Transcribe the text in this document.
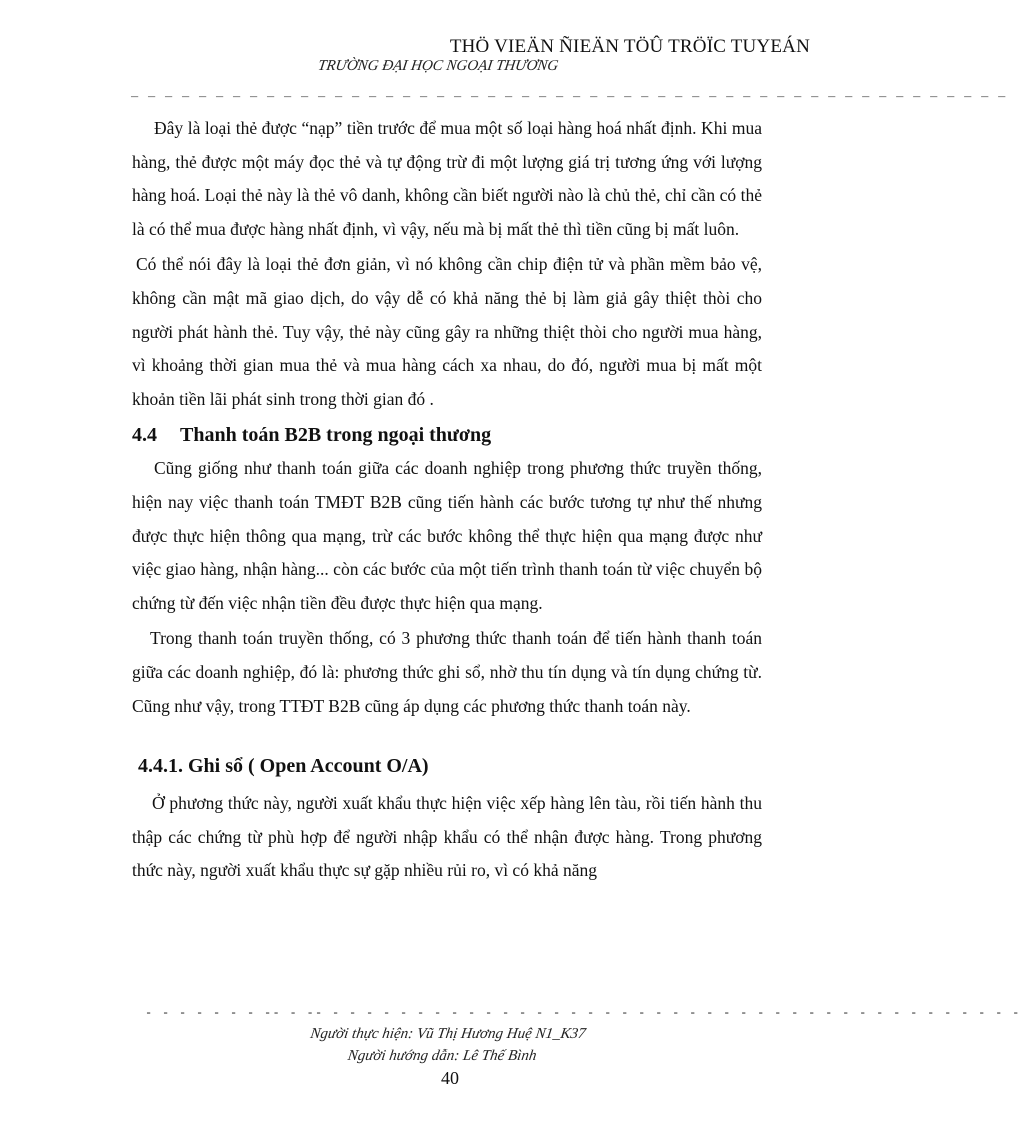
THÖ VIEÄN ÑIEÄN TÖÛ TRÖÏC TUYEÁN
TRƯỜNG ĐẠI HỌC NGOẠI THƯƠNG
_ _ _ _ _ _ _ _ _ _ _ _ _ _ _ _ _ _ _ _ _ _ _ _ _ _ _ _ _ _ _ _ _ _ _ _ _ _ _ _ _ _ _ _ _ _ _ _ _ _ _ _

Đây là loại thẻ được “nạp” tiền trước để mua một số loại hàng hoá nhất định. Khi mua hàng, thẻ được một máy đọc thẻ và tự động trừ đi một lượng giá trị tương ứng với lượng hàng hoá. Loại thẻ này là thẻ vô danh, không cần biết người nào là chủ thẻ, chỉ cần có thẻ là có thể mua được hàng nhất định, vì vậy, nếu mà bị mất thẻ thì tiền cũng bị mất luôn.

Có thể nói đây là loại thẻ đơn giản, vì nó không cần chip điện tử và phần mềm bảo vệ, không cần mật mã giao dịch, do vậy dễ có khả năng thẻ bị làm giả gây thiệt thòi cho người phát hành thẻ. Tuy vậy, thẻ này cũng gây ra những thiệt thòi cho người mua hàng, vì khoảng thời gian mua thẻ và mua hàng cách xa nhau, do đó, người mua bị mất một khoản tiền lãi phát sinh trong thời gian đó .

4.4 Thanh toán B2B trong ngoại thương

Cũng giống như thanh toán giữa các doanh nghiệp trong phương thức truyền thống, hiện nay việc thanh toán TMĐT B2B cũng tiến hành các bước tương tự như thế nhưng được thực hiện thông qua mạng, trừ các bước không thể thực hiện qua mạng được như việc giao hàng, nhận hàng... còn các bước của một tiến trình thanh toán từ việc chuyển bộ chứng từ đến việc nhận tiền đều được thực hiện qua mạng.

Trong thanh toán truyền thống, có 3 phương thức thanh toán để tiến hành thanh toán giữa các doanh nghiệp, đó là: phương thức ghi sổ, nhờ thu tín dụng và tín dụng chứng từ. Cũng như vậy, trong TTĐT B2B cũng áp dụng các phương thức thanh toán này.

4.4.1. Ghi sổ ( Open Account O/A)

Ở phương thức này, người xuất khẩu thực hiện việc xếp hàng lên tàu, rồi tiến hành thu thập các chứng từ phù hợp để người nhập khẩu có thể nhận được hàng. Trong phương thức này, người xuất khẩu thực sự gặp nhiều rủi ro, vì có khả năng

- - - - - - - -- - -- - - - - - - - - - - - - - - - - - - - - - - - - - - - - - - - - - - - - - - - - -
Người thực hiện: Vũ Thị Hương Huệ N1_K37
Người hướng dẫn: Lê Thế Bình
40
